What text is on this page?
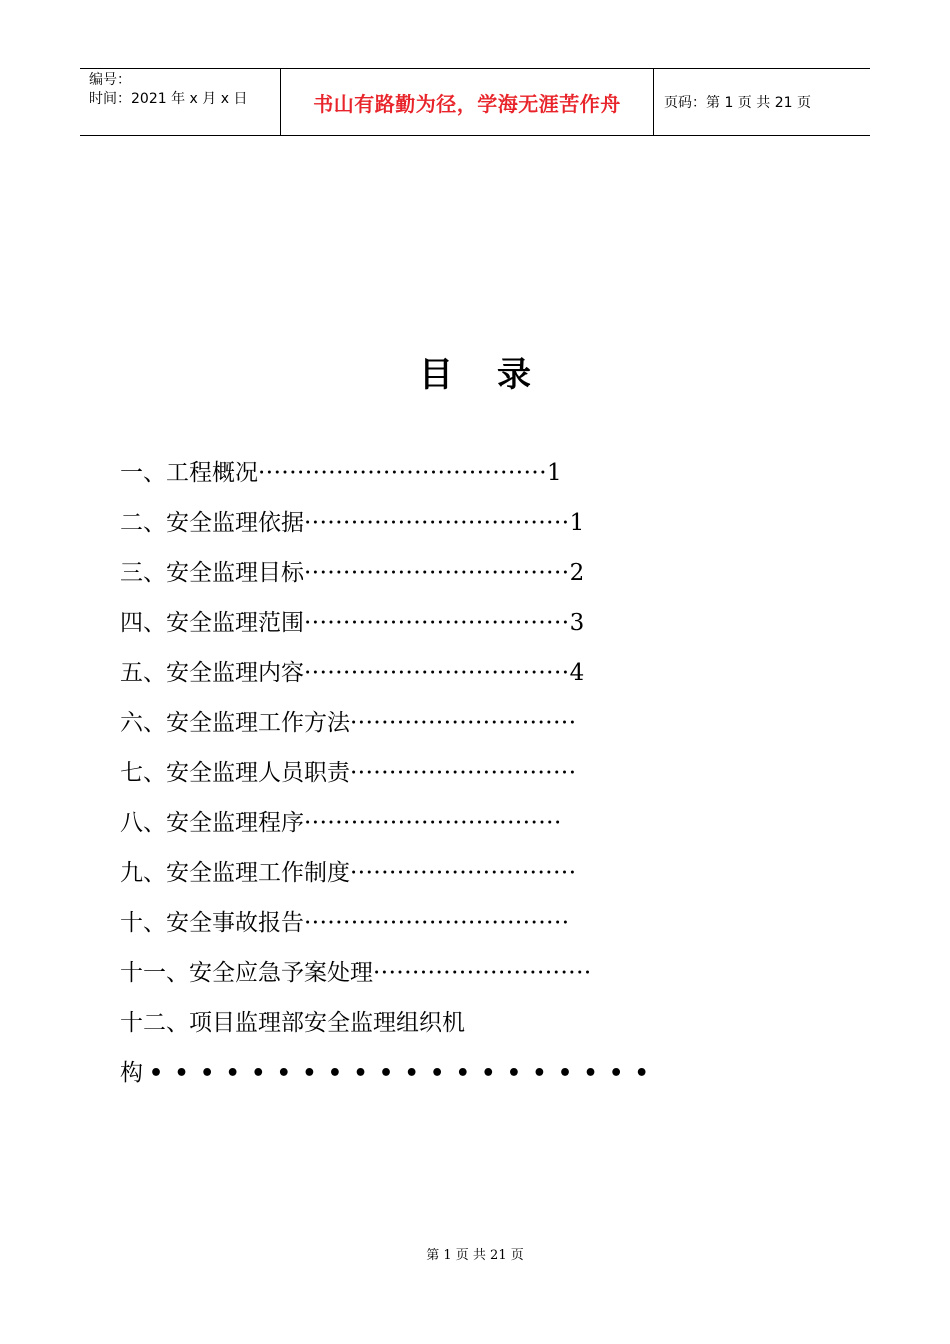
编号：
时间：2021 年 x 月 x 日	书山有路勤为径，学海无涯苦作舟	页码：第 1 页 共 21 页
目录
一、工程概况·····································1
二、安全监理依据··································1
三、安全监理目标··································2
四、安全监理范围··································3
五、安全监理内容··································4
六、安全监理工作方法·····························
七、安全监理人员职责·····························
八、安全监理程序·································
九、安全监理工作制度·····························
十、安全事故报告··································
十一、安全应急予案处理····························
十二、项目监理部安全监理组织机
构 ••••••••••••••••••••
第 1 页 共 21 页
